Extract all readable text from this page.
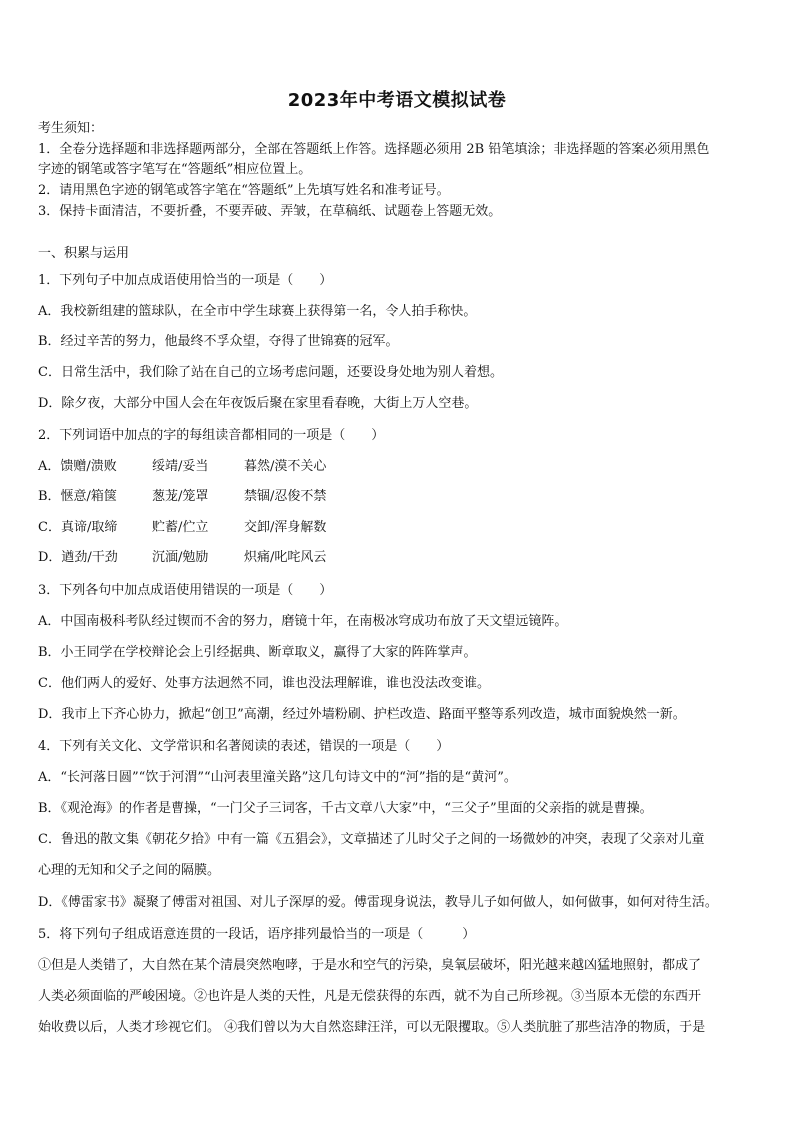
2023年中考语文模拟试卷
考生须知：
1．全卷分选择题和非选择题两部分，全部在答题纸上作答。选择题必须用 2B 铅笔填涂；非选择题的答案必须用黑色
字迹的钢笔或答字笔写在“答题纸”相应位置上。
2．请用黑色字迹的钢笔或答字笔在“答题纸”上先填写姓名和准考证号。
3．保持卡面清洁，不要折叠，不要弄破、弄皱，在草稿纸、试题卷上答题无效。
一、积累与运用
1．下列句子中加点成语使用恰当的一项是（　　）
A．我校新组建的篮球队，在全市中学生球赛上获得第一名，令人拍手称快。
B．经过辛苦的努力，他最终不孚众望，夺得了世锦赛的冠军。
C．日常生活中，我们除了站在自己的立场考虑问题，还要设身处地为别人着想。
D．除夕夜，大部分中国人会在年夜饭后聚在家里看春晚，大街上万人空巷。
2．下列词语中加点的字的每组读音都相同的一项是（　　）
A．馈赠/溃败	绥靖/妥当	暮然/漠不关心
B．惬意/箱箧	葱茏/笼罩	禁锢/忍俊不禁
C．真谛/取缔	贮蓄/伫立	交卸/浑身解数
D．遒劲/干劲	沉湎/勉励	炽痛/叱咤风云
3．下列各句中加点成语使用错误的一项是（　　）
A．中国南极科考队经过锲而不舍的努力，磨镜十年，在南极冰穹成功布放了天文望远镜阵。
B．小王同学在学校辩论会上引经据典、断章取义，赢得了大家的阵阵掌声。
C．他们两人的爱好、处事方法迥然不同，谁也没法理解谁，谁也没法改变谁。
D．我市上下齐心协力，掀起“创卫”高潮，经过外墙粉刷、护栏改造、路面平整等系列改造，城市面貌焕然一新。
4．下列有关文化、文学常识和名著阅读的表述，错误的一项是（　　）
A．“长河落日圆”“饮于河渭”“山河表里潼关路”这几句诗文中的“河”指的是“黄河”。
B．《观沧海》的作者是曹操，“一门父子三词客，千古文章八大家”中，“三父子”里面的父亲指的就是曹操。
C．鲁迅的散文集《朝花夕拾》中有一篇《五猖会》，文章描述了儿时父子之间的一场微妙的冲突，表现了父亲对儿童
心理的无知和父子之间的隔膜。
D．《傅雷家书》凝聚了傅雷对祖国、对儿子深厚的爱。傅雷现身说法，教导儿子如何做人，如何做事，如何对待生活。
5．将下列句子组成语意连贯的一段话，语序排列最恰当的一项是（　　　）
①但是人类错了，大自然在某个清晨突然咆哮，于是水和空气的污染，臭氧层破坏，阳光越来越凶猛地照射，都成了
人类必须面临的严峻困境。②也许是人类的天性，凡是无偿获得的东西，就不为自己所珍视。③当原本无偿的东西开
始收费以后，人类才珍视它们。 ④我们曾以为大自然恣肆汪洋，可以无限攫取。⑤人类肮脏了那些洁净的物质，于是
